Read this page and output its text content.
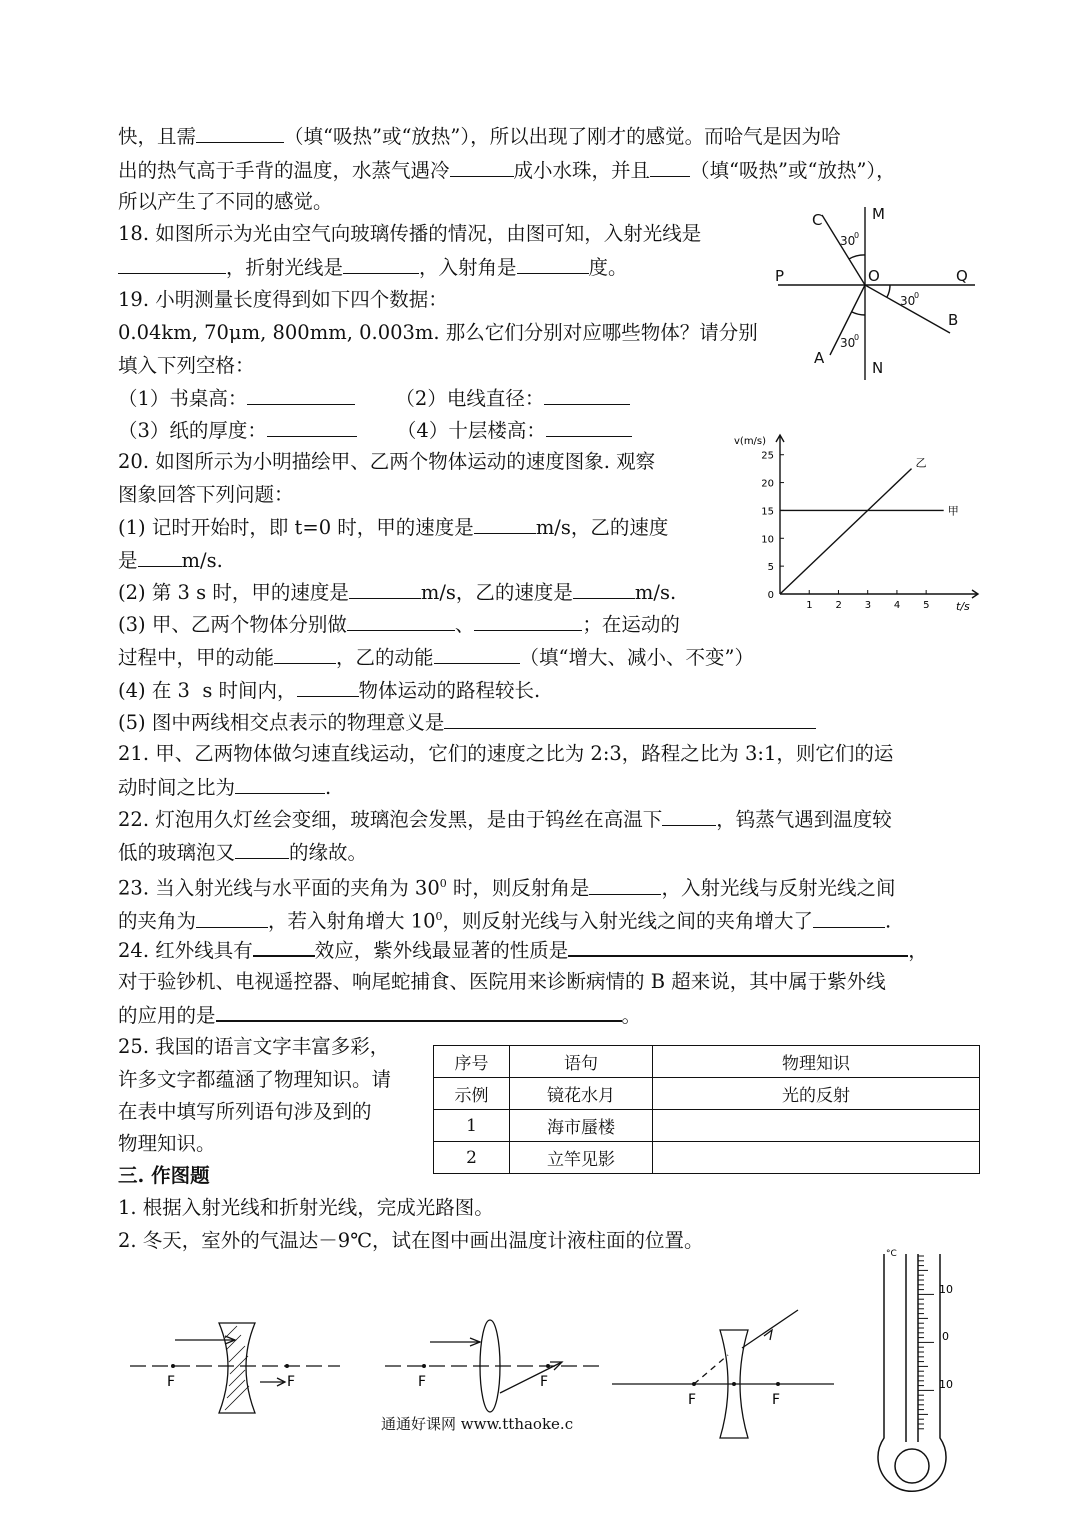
快，且需	（填“吸热”或“放热”），所以出现了刚才的感觉。而哈气是因为哈
出的热气高于手背的温度，水蒸气遇冷	成小水珠，并且 （填“吸热”或“放热”），
所以产生了不同的感觉。
18. 如图所示为光由空气向玻璃传播的情况，由图可知，入射光线是
，折射光线是	，入射角是	度。
19. 小明测量长度得到如下四个数据：
0.04km, 70μm, 800mm, 0.003m. 那么它们分别对应哪些物体？请分别
填入下列空格：
（1）书桌高：	（2）电线直径：
（3）纸的厚度：	（4）十层楼高：
20. 如图所示为小明描绘甲、乙两个物体运动的速度图象. 观察
图象回答下列问题：
(1) 记时开始时，即 t=0 时，甲的速度是	m/s，乙的速度
是 m/s.
(2) 第 3 s 时，甲的速度是	m/s，乙的速度是	m/s.
(3) 甲、乙两个物体分别做	、	；在运动的
过程中，甲的动能	，乙的动能	（填“增大、减小、不变”）
(4) 在 3  s 时间内，	物体运动的路程较长.
(5) 图中两线相交点表示的物理意义是
21. 甲、乙两物体做匀速直线运动，它们的速度之比为 2:3，路程之比为 3:1，则它们的运
动时间之比为	.
22. 灯泡用久灯丝会变细，玻璃泡会发黑，是由于钨丝在高温下	，钨蒸气遇到温度较
低的玻璃泡又	的缘故。
23. 当入射光线与水平面的夹角为 $30^0$ 时，则反射角是	，入射光线与反射光线之间
的夹角为	，若入射角增大 $10^0$，则反射光线与入射光线之间的夹角增大了	.
24. 红外线具有	效应，紫外线最显著的性质是	，
对于验钞机、电视遥控器、响尾蛇捕食、医院用来诊断病情的 B 超来说，其中属于紫外线
的应用的是	。
25. 我国的语言文字丰富多彩，
许多文字都蕴涵了物理知识。请
在表中填写所列语句涉及到的
物理知识。
三. 作图题
1. 根据入射光线和折射光线，完成光路图。
2. 冬天，室外的气温达－9℃，试在图中画出温度计液柱面的位置。
序号	语句	物理知识
示例	镜花水月	光的反射
1	海市蜃楼	
2	立竿见影	
C	M
P	O	Q
B
A
N
30
0
30
0
30
0
v(m/s)
t/s
1 2 3 4 5
0
5
10
15
20
25
甲
乙
F	F	F	F
F	F
通通好课网 www.tthaoke.c
°C
10
0
10
